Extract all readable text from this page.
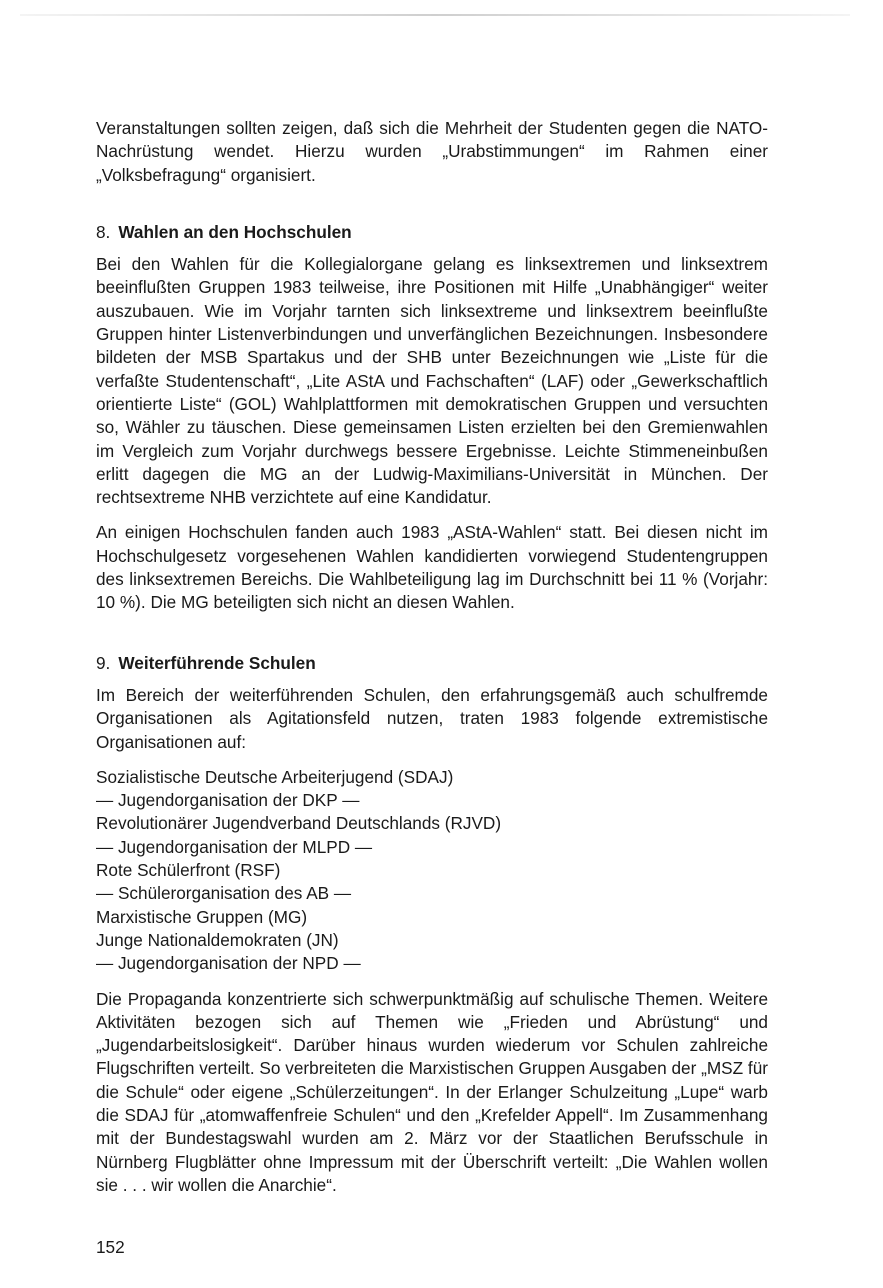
Veranstaltungen sollten zeigen, daß sich die Mehrheit der Studenten gegen die NATO-Nachrüstung wendet. Hierzu wurden „Urabstimmungen“ im Rahmen einer „Volksbefragung“ organisiert.

8. Wahlen an den Hochschulen

Bei den Wahlen für die Kollegialorgane gelang es linksextremen und linksextrem beeinflußten Gruppen 1983 teilweise, ihre Positionen mit Hilfe „Unabhängiger“ weiter auszubauen. Wie im Vorjahr tarnten sich linksextreme und linksextrem beeinflußte Gruppen hinter Listenverbindungen und unverfänglichen Bezeichnungen. Insbesondere bildeten der MSB Spartakus und der SHB unter Bezeichnungen wie „Liste für die verfaßte Studentenschaft“, „Lite AStA und Fachschaften“ (LAF) oder „Gewerkschaftlich orientierte Liste“ (GOL) Wahlplattformen mit demokratischen Gruppen und versuchten so, Wähler zu täuschen. Diese gemeinsamen Listen erzielten bei den Gremienwahlen im Vergleich zum Vorjahr durchwegs bessere Ergebnisse. Leichte Stimmeneinbußen erlitt dagegen die MG an der Ludwig-Maximilians-Universität in München. Der rechtsextreme NHB verzichtete auf eine Kandidatur.

An einigen Hochschulen fanden auch 1983 „AStA-Wahlen“ statt. Bei diesen nicht im Hochschulgesetz vorgesehenen Wahlen kandidierten vorwiegend Studentengruppen des linksextremen Bereichs. Die Wahlbeteiligung lag im Durchschnitt bei 11 % (Vorjahr: 10 %). Die MG beteiligten sich nicht an diesen Wahlen.

9. Weiterführende Schulen

Im Bereich der weiterführenden Schulen, den erfahrungsgemäß auch schulfremde Organisationen als Agitationsfeld nutzen, traten 1983 folgende extremistische Organisationen auf:

Sozialistische Deutsche Arbeiterjugend (SDAJ)
— Jugendorganisation der DKP —
Revolutionärer Jugendverband Deutschlands (RJVD)
— Jugendorganisation der MLPD —
Rote Schülerfront (RSF)
— Schülerorganisation des AB —
Marxistische Gruppen (MG)
Junge Nationaldemokraten (JN)
— Jugendorganisation der NPD —

Die Propaganda konzentrierte sich schwerpunktmäßig auf schulische Themen. Weitere Aktivitäten bezogen sich auf Themen wie „Frieden und Abrüstung“ und „Jugendarbeitslosigkeit“. Darüber hinaus wurden wiederum vor Schulen zahlreiche Flugschriften verteilt. So verbreiteten die Marxistischen Gruppen Ausgaben der „MSZ für die Schule“ oder eigene „Schülerzeitungen“. In der Erlanger Schulzeitung „Lupe“ warb die SDAJ für „atomwaffenfreie Schulen“ und den „Krefelder Appell“. Im Zusammenhang mit der Bundestagswahl wurden am 2. März vor der Staatlichen Berufsschule in Nürnberg Flugblätter ohne Impressum mit der Überschrift verteilt: „Die Wahlen wollen sie . . . wir wollen die Anarchie“.

152
